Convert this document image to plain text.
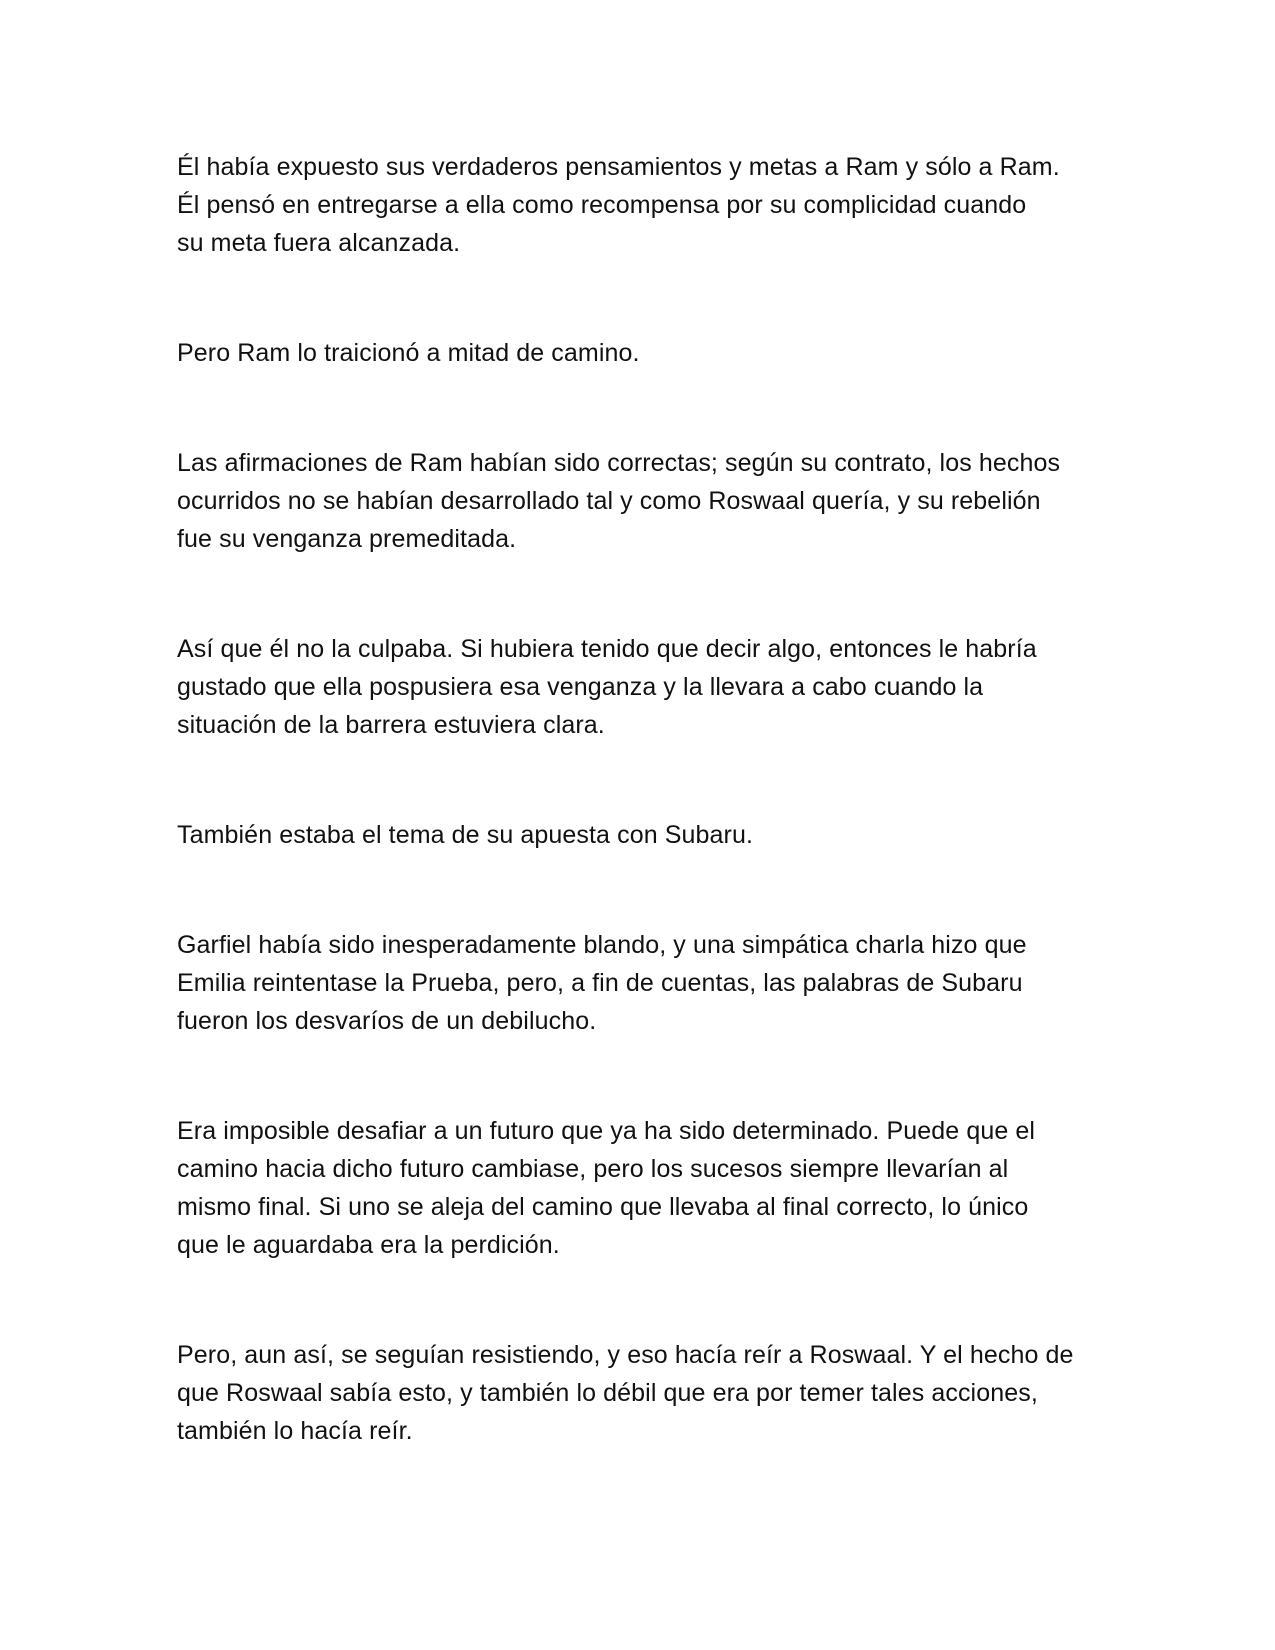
Él había expuesto sus verdaderos pensamientos y metas a Ram y sólo a Ram.
Él pensó en entregarse a ella como recompensa por su complicidad cuando
su meta fuera alcanzada.

Pero Ram lo traicionó a mitad de camino.

Las afirmaciones de Ram habían sido correctas; según su contrato, los hechos
ocurridos no se habían desarrollado tal y como Roswaal quería, y su rebelión
fue su venganza premeditada.

Así que él no la culpaba. Si hubiera tenido que decir algo, entonces le habría
gustado que ella pospusiera esa venganza y la llevara a cabo cuando la
situación de la barrera estuviera clara.

También estaba el tema de su apuesta con Subaru.

Garfiel había sido inesperadamente blando, y una simpática charla hizo que
Emilia reintentase la Prueba, pero, a fin de cuentas, las palabras de Subaru
fueron los desvaríos de un debilucho.

Era imposible desafiar a un futuro que ya ha sido determinado. Puede que el
camino hacia dicho futuro cambiase, pero los sucesos siempre llevarían al
mismo final. Si uno se aleja del camino que llevaba al final correcto, lo único
que le aguardaba era la perdición.

Pero, aun así, se seguían resistiendo, y eso hacía reír a Roswaal. Y el hecho de
que Roswaal sabía esto, y también lo débil que era por temer tales acciones,
también lo hacía reír.
